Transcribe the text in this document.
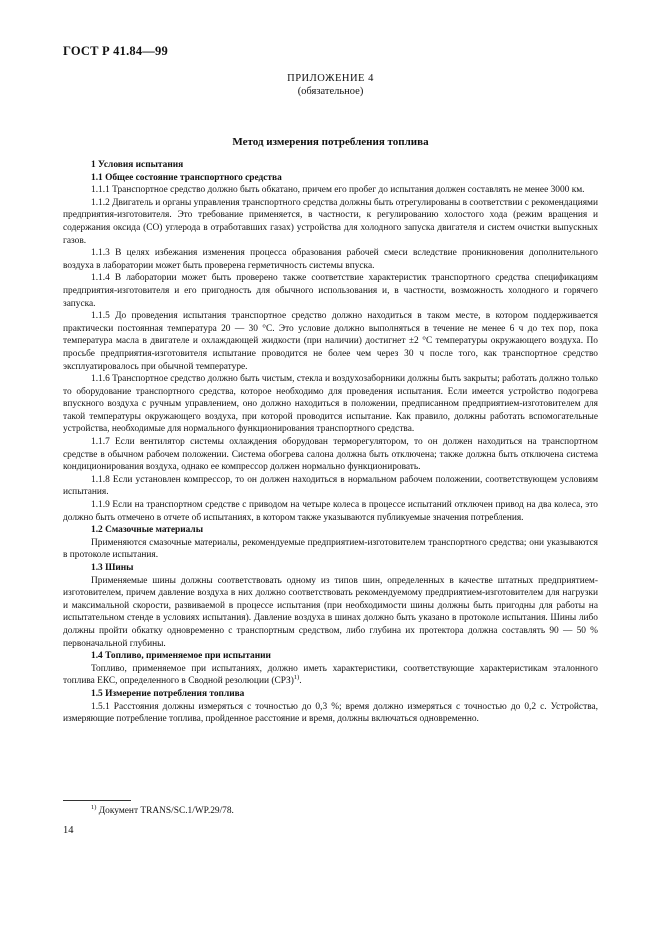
ГОСТ Р 41.84—99
ПРИЛОЖЕНИЕ 4
(обязательное)
Метод измерения потребления топлива

1 Условия испытания

1.1 Общее состояние транспортного средства

1.1.1 Транспортное средство должно быть обкатано, причем его пробег до испытания должен составлять не менее 3000 км.

1.1.2 Двигатель и органы управления транспортного средства должны быть отрегулированы в соответствии с рекомендациями предприятия-изготовителя. Это требование применяется, в частности, к регулированию холостого хода (режим вращения и содержания оксида (СО) углерода в отработавших газах) устройства для холодного запуска двигателя и систем очистки выпускных газов.

1.1.3 В целях избежания изменения процесса образования рабочей смеси вследствие проникновения дополнительного воздуха в лаборатории может быть проверена герметичность системы впуска.

1.1.4 В лаборатории может быть проверено также соответствие характеристик транспортного средства спецификациям предприятия-изготовителя и его пригодность для обычного использования и, в частности, возможность холодного и горячего запуска.

1.1.5 До проведения испытания транспортное средство должно находиться в таком месте, в котором поддерживается практически постоянная температура 20 — 30 °С. Это условие должно выполняться в течение не менее 6 ч до тех пор, пока температура масла в двигателе и охлаждающей жидкости (при наличии) достигнет ±2 °С температуры окружающего воздуха. По просьбе предприятия-изготовителя испытание проводится не более чем через 30 ч после того, как транспортное средство эксплуатировалось при обычной температуре.

1.1.6 Транспортное средство должно быть чистым, стекла и воздухозаборники должны быть закрыты; работать должно только то оборудование транспортного средства, которое необходимо для проведения испытания. Если имеется устройство подогрева впускного воздуха с ручным управлением, оно должно находиться в положении, предписанном предприятием-изготовителем для такой температуры окружающего воздуха, при которой проводится испытание. Как правило, должны работать вспомогательные устройства, необходимые для нормального функционирования транспортного средства.

1.1.7 Если вентилятор системы охлаждения оборудован терморегулятором, то он должен находиться на транспортном средстве в обычном рабочем положении. Система обогрева салона должна быть отключена; также должна быть отключена система кондиционирования воздуха, однако ее компрессор должен нормально функционировать.

1.1.8 Если установлен компрессор, то он должен находиться в нормальном рабочем положении, соответствующем условиям испытания.

1.1.9 Если на транспортном средстве с приводом на четыре колеса в процессе испытаний отключен привод на два колеса, это должно быть отмечено в отчете об испытаниях, в котором также указываются публикуемые значения потребления.

1.2 Смазочные материалы

Применяются смазочные материалы, рекомендуемые предприятием-изготовителем транспортного средства; они указываются в протоколе испытания.

1.3 Шины

Применяемые шины должны соответствовать одному из типов шин, определенных в качестве штатных предприятием-изготовителем, причем давление воздуха в них должно соответствовать рекомендуемому предприятием-изготовителем для нагрузки и максимальной скорости, развиваемой в процессе испытания (при необходимости шины должны быть пригодны для работы на испытательном стенде в условиях испытания). Давление воздуха в шинах должно быть указано в протоколе испытания. Шины либо должны пройти обкатку одновременно с транспортным средством, либо глубина их протектора должна составлять 90 — 50 % первоначальной глубины.

1.4 Топливо, применяемое при испытании

Топливо, применяемое при испытаниях, должно иметь характеристики, соответствующие характеристикам эталонного топлива ЕКС, определенного в Сводной резолюции (СРЗ)$^{1)}$.

1.5 Измерение потребления топлива

1.5.1 Расстояния должны измеряться с точностью до 0,3 %; время должно измеряться с точностью до 0,2 с. Устройства, измеряющие потребление топлива, пройденное расстояние и время, должны включаться одновременно.

$^{1)}$ Документ TRANS/SC.1/WP.29/78.
14
